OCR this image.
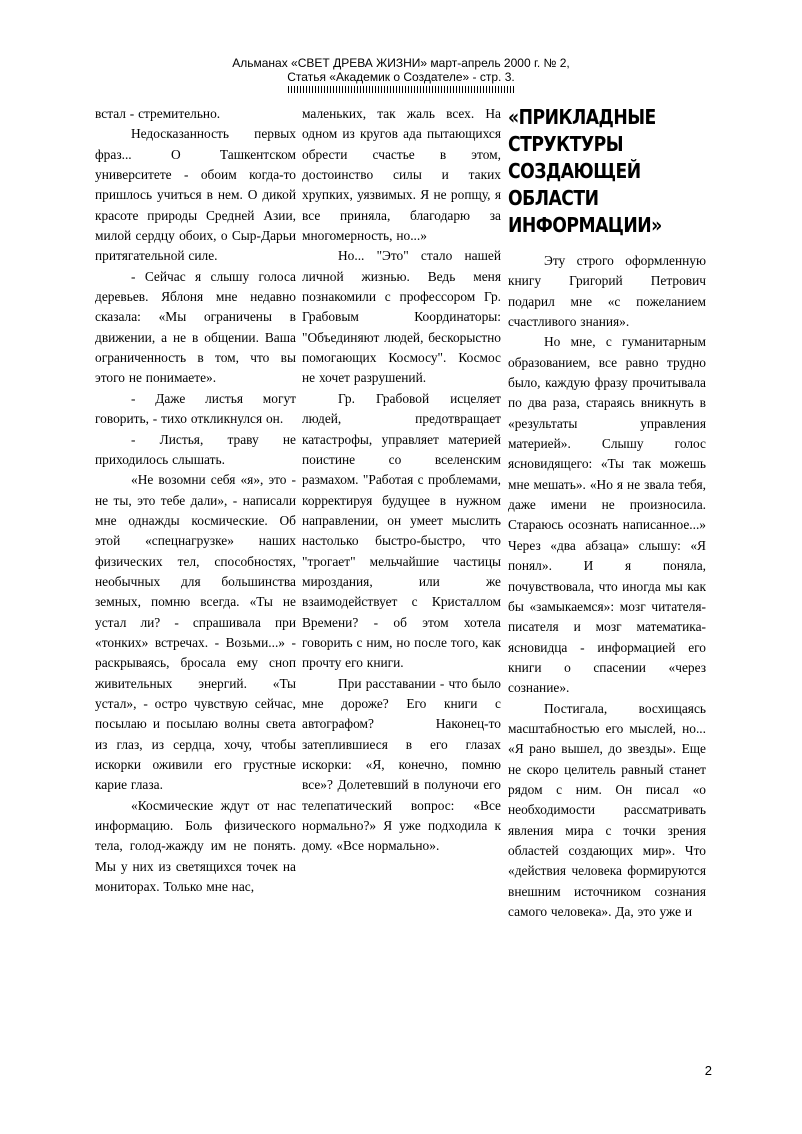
Альманах «СВЕТ ДРЕВА ЖИЗНИ» март-апрель 2000 г. № 2,
Статья «Академик о Создателе» - стр. 3.

встал - стремительно.

Недосказанность первых фраз... О Ташкентском университете - обоим когда-то пришлось учиться в нем. О дикой красоте природы Средней Азии, милой сердцу обоих, о Сыр-Дарьи притягательной силе.

- Сейчас я слышу голоса деревьев. Яблоня мне недавно сказала: «Мы ограничены в движении, а не в общении. Ваша ограниченность в том, что вы этого не понимаете».

- Даже листья могут говорить, - тихо откликнулся он.

- Листья, траву не приходилось слышать.

«Не возомни себя «я», это - не ты, это тебе дали», - написали мне однажды космические. Об этой «спецнагрузке» наших физических тел, способностях, необычных для большинства земных, помню всегда. «Ты не устал ли? - спрашивала при «тонких» встречах. - Возьми...» - раскрываясь, бросала ему сноп живительных энергий. «Ты устал», - остро чувствую сейчас, посылаю и посылаю волны света из глаз, из сердца, хочу, чтобы искорки оживили его грустные карие глаза.

«Космические ждут от нас информацию. Боль физического тела, голод-жажду им не понять. Мы у них из светящихся точек на мониторах. Только мне нас,

маленьких, так жаль всех. На одном из кругов ада пытающихся обрести счастье в этом, достоинство силы и таких хрупких, уязвимых. Я не ропщу, я все приняла, благодарю за многомерность, но...»

Но... "Это" стало нашей личной жизнью. Ведь меня познакомили с профессором Гр. Грабовым Координаторы: "Объединяют людей, бескорыстно помогающих Космосу". Космос не хочет разрушений.

Гр. Грабовой исцеляет людей, предотвращает катастрофы, управляет материей поистине со вселенским размахом. "Работая с проблемами, корректируя будущее в нужном направлении, он умеет мыслить настолько быстро-быстро, что "трогает" мельчайшие частицы мироздания, или же взаимодействует с Кристаллом Времени? - об этом хотела говорить с ним, но после того, как прочту его книги.

При расставании - что было мне дороже? Его книги с автографом? Наконец-то затеплившиеся в его глазах искорки: «Я, конечно, помню все»? Долетевший в полуночи его телепатический вопрос: «Все нормально?» Я уже подходила к дому. «Все нормально».

«ПРИКЛАДНЫЕ
СТРУКТУРЫ
СОЗДАЮЩЕЙ
ОБЛАСТИ
ИНФОРМАЦИИ»

Эту строго оформленную книгу Григорий Петрович подарил мне «с пожеланием счастливого знания».

Но мне, с гуманитарным образованием, все равно трудно было, каждую фразу прочитывала по два раза, стараясь вникнуть в «результаты управления материей». Слышу голос ясновидящего: «Ты так можешь мне мешать». «Но я не звала тебя, даже имени не произносила. Стараюсь осознать написанное...» Через «два абзаца» слышу: «Я понял». И я поняла, почувствовала, что иногда мы как бы «замыкаемся»: мозг читателя-писателя и мозг математика-ясновидца - информацией его книги о спасении «через сознание».

Постигала, восхищаясь масштабностью его мыслей, но... «Я рано вышел, до звезды». Еще не скоро целитель равный станет рядом с ним. Он писал «о необходимости рассматривать явления мира с точки зрения областей создающих мир». Что «действия человека формируются внешним источником сознания самого человека». Да, это уже и

2
